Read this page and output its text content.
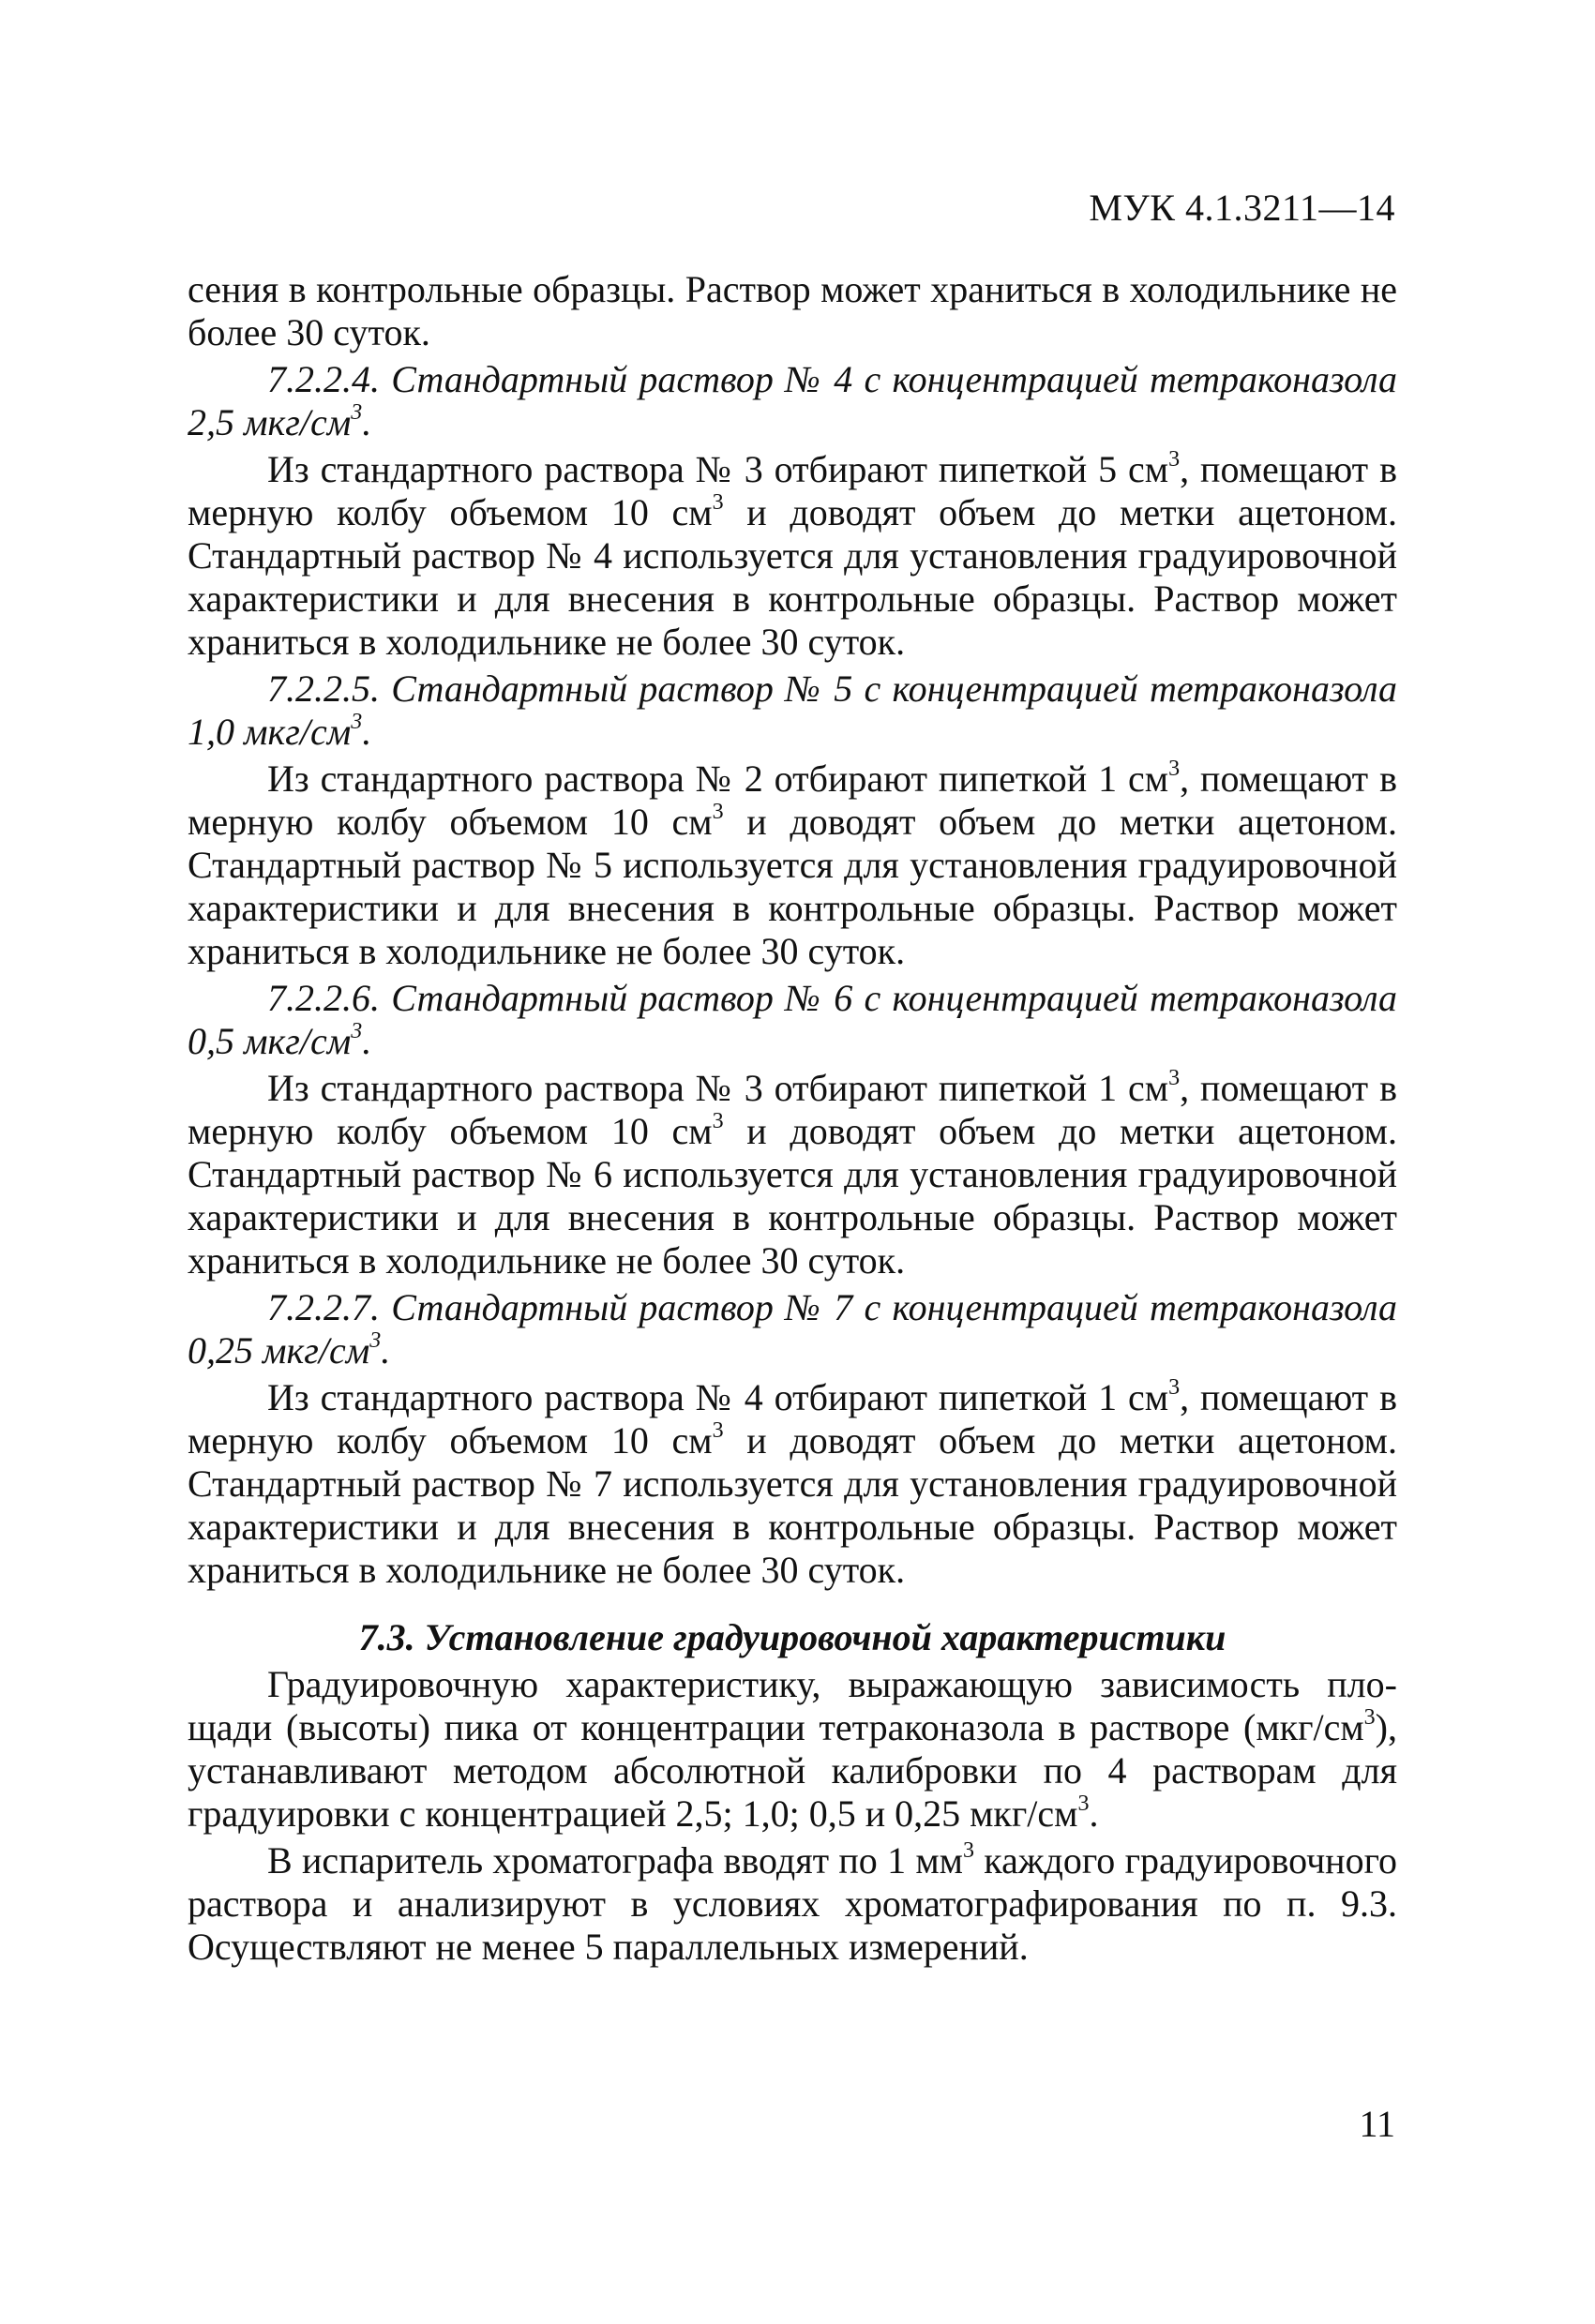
МУК 4.1.3211—14

сения в контрольные образцы. Раствор может храниться в холодильнике не более 30 суток.

7.2.2.4. Стандартный раствор № 4 с концентрацией тетраконазола 2,5 мкг/$см^3$.

Из стандартного раствора № 3 отбирают пипеткой 5 $см^3$, помещают в мерную колбу объемом 10 $см^3$ и доводят объем до метки ацетоном. Стандартный раствор № 4 используется для установления градуировочной характеристики и для внесения в контрольные образцы. Раствор может храниться в холодильнике не более 30 суток.

7.2.2.5. Стандартный раствор № 5 с концентрацией тетраконазола 1,0 мкг/$см^3$.

Из стандартного раствора № 2 отбирают пипеткой 1 $см^3$, помещают в мерную колбу объемом 10 $см^3$ и доводят объем до метки ацетоном. Стандартный раствор № 5 используется для установления градуировочной характеристики и для внесения в контрольные образцы. Раствор может храниться в холодильнике не более 30 суток.

7.2.2.6. Стандартный раствор № 6 с концентрацией тетраконазола 0,5 мкг/$см^3$.

Из стандартного раствора № 3 отбирают пипеткой 1 $см^3$, помещают в мерную колбу объемом 10 $см^3$ и доводят объем до метки ацетоном. Стандартный раствор № 6 используется для установления градуировочной характеристики и для внесения в контрольные образцы. Раствор может храниться в холодильнике не более 30 суток.

7.2.2.7. Стандартный раствор № 7 с концентрацией тетраконазола 0,25 мкг/$см^3$.

Из стандартного раствора № 4 отбирают пипеткой 1 $см^3$, помещают в мерную колбу объемом 10 $см^3$ и доводят объем до метки ацетоном. Стандартный раствор № 7 используется для установления градуировочной характеристики и для внесения в контрольные образцы. Раствор может храниться в холодильнике не более 30 суток.

7.3. Установление градуировочной характеристики

Градуировочную характеристику, выражающую зависимость площади (высоты) пика от концентрации тетраконазола в растворе $(мкг/см^3)$, устанавливают методом абсолютной калибровки по 4 растворам для градуировки с концентрацией 2,5; 1,0; 0,5 и 0,25 мкг/$см^3$.

В испаритель хроматографа вводят по 1 $мм^3$ каждого градуировочного раствора и анализируют в условиях хроматографирования по п. 9.3. Осуществляют не менее 5 параллельных измерений.

11
